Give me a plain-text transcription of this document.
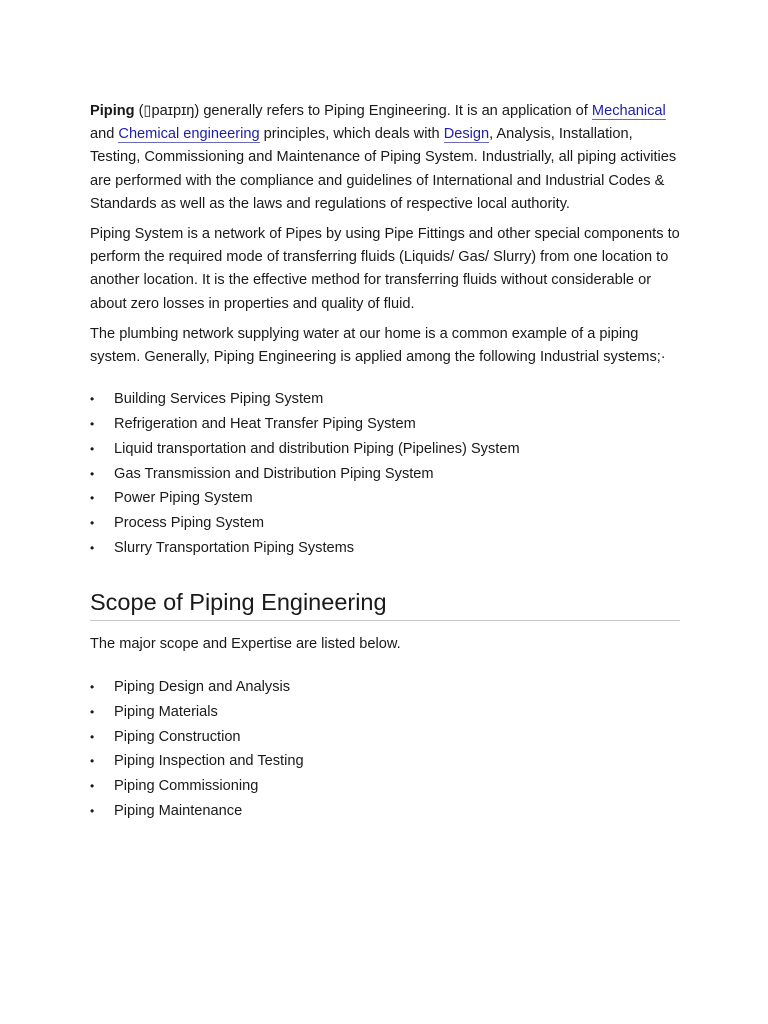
Piping (▯paɪpɪŋ) generally refers to Piping Engineering. It is an application of Mechanical and Chemical engineering principles, which deals with Design, Analysis, Installation, Testing, Commissioning and Maintenance of Piping System. Industrially, all piping activities are performed with the compliance and guidelines of International and Industrial Codes & Standards as well as the laws and regulations of respective local authority.

Piping System is a network of Pipes by using Pipe Fittings and other special components to perform the required mode of transferring fluids (Liquids/ Gas/ Slurry) from one location to another location. It is the effective method for transferring fluids without considerable or about zero losses in properties and quality of fluid.

The plumbing network supplying water at our home is a common example of a piping system. Generally, Piping Engineering is applied among the following Industrial systems;·

• Building Services Piping System
• Refrigeration and Heat Transfer Piping System
• Liquid transportation and distribution Piping (Pipelines) System
• Gas Transmission and Distribution Piping System
• Power Piping System
• Process Piping System
• Slurry Transportation Piping Systems
Scope of Piping Engineering

The major scope and Expertise are listed below.

• Piping Design and Analysis
• Piping Materials
• Piping Construction
• Piping Inspection and Testing
• Piping Commissioning
• Piping Maintenance
